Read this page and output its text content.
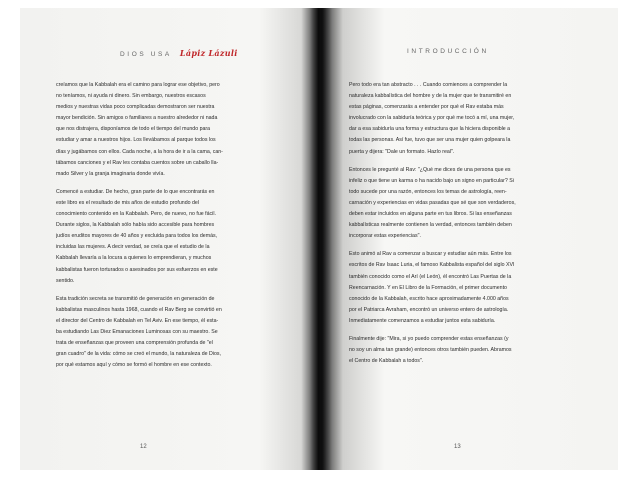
DIOS USA Lápiz Lázuli
creíamos que la Kabbalah era el camino para lograr ese objetivo, pero
no teníamos, ni ayuda ni dinero. Sin embargo, nuestros escasos
medios y nuestras vidas poco complicadas demostraron ser nuestra
mayor bendición. Sin amigos o familiares a nuestro alrededor ni nada
que nos distrajera, disponíamos de todo el tiempo del mundo para
estudiar y amar a nuestros hijos. Los llevábamos al parque todos los
días y jugábamos con ellos. Cada noche, a la hora de ir a la cama, can-
tábamos canciones y el Rav les contaba cuentos sobre un caballo lla-
mado Silver y la granja imaginaria donde vivía.
Comencé a estudiar. De hecho, gran parte de lo que encontrarás en
este libro es el resultado de mis años de estudio profundo del
conocimiento contenido en la Kabbalah. Pero, de nuevo, no fue fácil.
Durante siglos, la Kabbalah sólo había sido accesible para hombres
judíos eruditos mayores de 40 años y excluida para todos los demás,
incluidas las mujeres. A decir verdad, se creía que el estudio de la
Kabbalah llevaría a la locura a quienes lo emprendieran, y muchos
kabbalistas fueron torturados o asesinados por sus esfuerzos en este
sentido.
Esta tradición secreta se transmitió de generación en generación de
kabbalistas masculinos hasta 1968, cuando el Rav Berg se convirtió en
el director del Centro de Kabbalah en Tel Aviv. En ese tiempo, él esta-
ba estudiando Las Diez Emanaciones Luminosas con su maestro. Se
trata de enseñanzas que proveen una comprensión profunda de "el
gran cuadro" de la vida: cómo se creó el mundo, la naturaleza de Dios,
por qué estamos aquí y cómo se formó el hombre en ese contexto.
12
INTRODUCCIÓN
Pero todo era tan abstracto . . . Cuando comiences a comprender la
naturaleza kabbalística del hombre y de la mujer que te transmitiré en
estas páginas, comenzarás a entender por qué el Rav estaba más
involucrado con la sabiduría teórica y por qué me tocó a mí, una mujer,
dar a esa sabiduría una forma y estructura que la hiciera disponible a
todas las personas. Así fue, tuvo que ser una mujer quien golpeara la
puerta y dijera: "Dale un formato. Hazlo real".
Entonces le pregunté al Rav: "¿Qué me dices de una persona que es
infeliz o que tiene un karma o ha nacido bajo un signo en particular? Si
todo sucede por una razón, entonces los temas de astrología, reen-
carnación y experiencias en vidas pasadas que sé que son verdaderos,
deben estar incluidos en alguna parte en tus libros. Si las enseñanzas
kabbalísticas realmente contienen la verdad, entonces también deben
incorporar estas experiencias".
Esto animó al Rav a comenzar a buscar y estudiar aún más. Entre los
escritos de Rav Isaac Luria, el famoso Kabbalista español del siglo XVI
también conocido como el Arí (el León), él encontró Las Puertas de la
Reencarnación. Y en El Libro de la Formación, el primer documento
conocido de la Kabbalah, escrito hace aproximadamente 4.000 años
por el Patriarca Avraham, encontró un universo entero de astrología.
Inmediatamente comenzamos a estudiar juntos esta sabiduría.
Finalmente dije: "Mira, si yo puedo comprender estas enseñanzas (y
no soy un alma tan grande) entonces otros también pueden. Abramos
el Centro de Kabbalah a todos".
13
